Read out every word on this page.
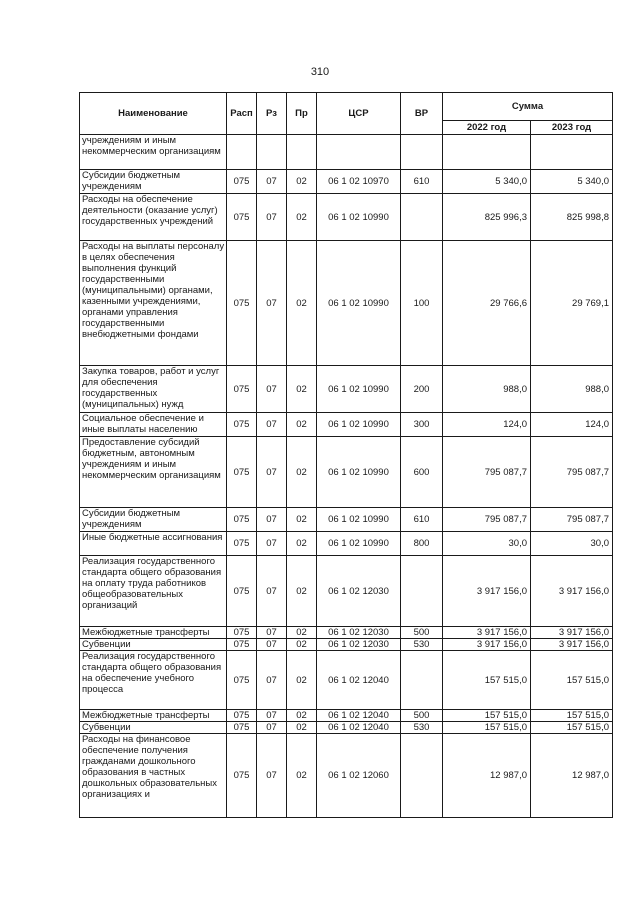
310
Наименование	Расп	Рз	Пр	ЦСР	ВР	Сумма	
						2022 год	2023 год
учреждениям и иным некоммерческим организациям							
Субсидии бюджетным учреждениям	075	07	02	06 1 02 10970	610	5 340,0	5 340,0
Расходы на обеспечение деятельности (оказание услуг) государственных учреждений	075	07	02	06 1 02 10990		825 996,3	825 998,8
Расходы на выплаты персоналу в целях обеспечения выполнения функций государственными (муниципальными) органами, казенными учреждениями, органами управления государственными внебюджетными фондами	075	07	02	06 1 02 10990	100	29 766,6	29 769,1
Закупка товаров, работ и услуг для обеспечения государственных (муниципальных) нужд	075	07	02	06 1 02 10990	200	988,0	988,0
Социальное обеспечение и иные выплаты населению	075	07	02	06 1 02 10990	300	124,0	124,0
Предоставление субсидий бюджетным, автономным учреждениям и иным некоммерческим организациям	075	07	02	06 1 02 10990	600	795 087,7	795 087,7
Субсидии бюджетным учреждениям	075	07	02	06 1 02 10990	610	795 087,7	795 087,7
Иные бюджетные ассигнования	075	07	02	06 1 02 10990	800	30,0	30,0
Реализация государственного стандарта общего образования на оплату труда работников общеобразовательных организаций	075	07	02	06 1 02 12030		3 917 156,0	3 917 156,0
Межбюджетные трансферты	075	07	02	06 1 02 12030	500	3 917 156,0	3 917 156,0
Субвенции	075	07	02	06 1 02 12030	530	3 917 156,0	3 917 156,0
Реализация государственного стандарта общего образования на обеспечение учебного процесса	075	07	02	06 1 02 12040		157 515,0	157 515,0
Межбюджетные трансферты	075	07	02	06 1 02 12040	500	157 515,0	157 515,0
Субвенции	075	07	02	06 1 02 12040	530	157 515,0	157 515,0
Расходы на финансовое обеспечение получения гражданами дошкольного образования в частных дошкольных образовательных организациях и	075	07	02	06 1 02 12060		12 987,0	12 987,0
